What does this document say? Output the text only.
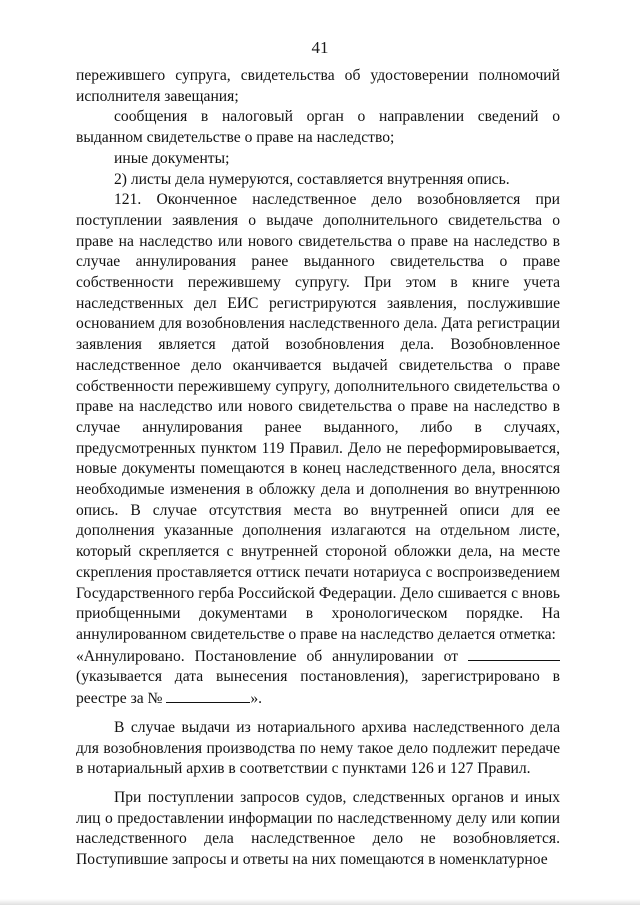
41

пережившего супруга, свидетельства об удостоверении полномочий исполнителя завещания;

сообщения в налоговый орган о направлении сведений о выданном свидетельстве о праве на наследство;

иные документы;

2) листы дела нумеруются, составляется внутренняя опись.

121. Оконченное наследственное дело возобновляется при поступлении заявления о выдаче дополнительного свидетельства о праве на наследство или нового свидетельства о праве на наследство в случае аннулирования ранее выданного свидетельства о праве собственности пережившему супругу. При этом в книге учета наследственных дел ЕИС регистрируются заявления, послужившие основанием для возобновления наследственного дела. Дата регистрации заявления является датой возобновления дела. Возобновленное наследственное дело оканчивается выдачей свидетельства о праве собственности пережившему супругу, дополнительного свидетельства о праве на наследство или нового свидетельства о праве на наследство в случае аннулирования ранее выданного, либо в случаях, предусмотренных пунктом 119 Правил. Дело не переформировывается, новые документы помещаются в конец наследственного дела, вносятся необходимые изменения в обложку дела и дополнения во внутреннюю опись. В случае отсутствия места во внутренней описи для ее дополнения указанные дополнения излагаются на отдельном листе, который скрепляется с внутренней стороной обложки дела, на месте скрепления проставляется оттиск печати нотариуса с воспроизведением Государственного герба Российской Федерации. Дело сшивается с вновь приобщенными документами в хронологическом порядке. На аннулированном свидетельстве о праве на наследство делается отметка:

«Аннулировано. Постановление об аннулировании от  (указывается дата вынесения постановления), зарегистрировано в реестре за №	».

В случае выдачи из нотариального архива наследственного дела для возобновления производства по нему такое дело подлежит передаче в нотариальный архив в соответствии с пунктами 126 и 127 Правил.

При поступлении запросов судов, следственных органов и иных лиц о предоставлении информации по наследственному делу или копии наследственного дела наследственное дело не возобновляется. Поступившие запросы и ответы на них помещаются в номенклатурное
